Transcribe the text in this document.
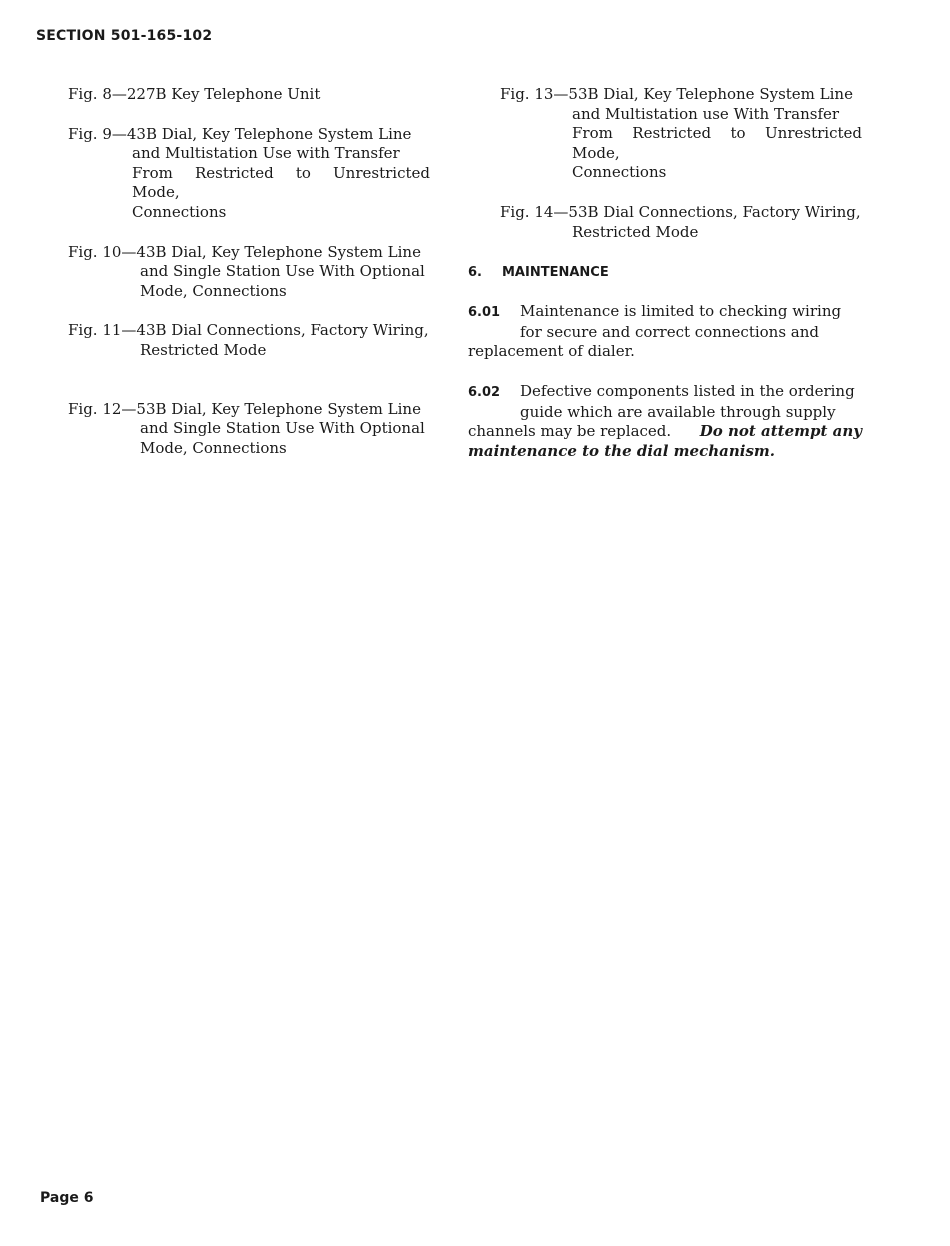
SECTION 501-165-102
Fig. 8—227B Key Telephone Unit
Fig. 9—43B Dial, Key Telephone System Line
and Multistation Use with Transfer
From Restricted to Unrestricted Mode,
Connections
Fig. 10—43B Dial, Key Telephone System Line
and Single Station Use With Optional
Mode, Connections
Fig. 11—43B Dial Connections, Factory Wiring,
Restricted Mode
Fig. 12—53B Dial, Key Telephone System Line
and Single Station Use With Optional
Mode, Connections
Fig. 13—53B Dial, Key Telephone System Line
and Multistation use With Transfer
From Restricted to Unrestricted Mode,
Connections
Fig. 14—53B Dial Connections, Factory Wiring,
Restricted Mode
6. MAINTENANCE
6.01 Maintenance is limited to checking wiring
for secure and correct connections and
replacement of dialer.
6.02 Defective components listed in the ordering
guide which are available through supply
channels may be replaced. Do not attempt any
maintenance to the dial mechanism.
Page 6
